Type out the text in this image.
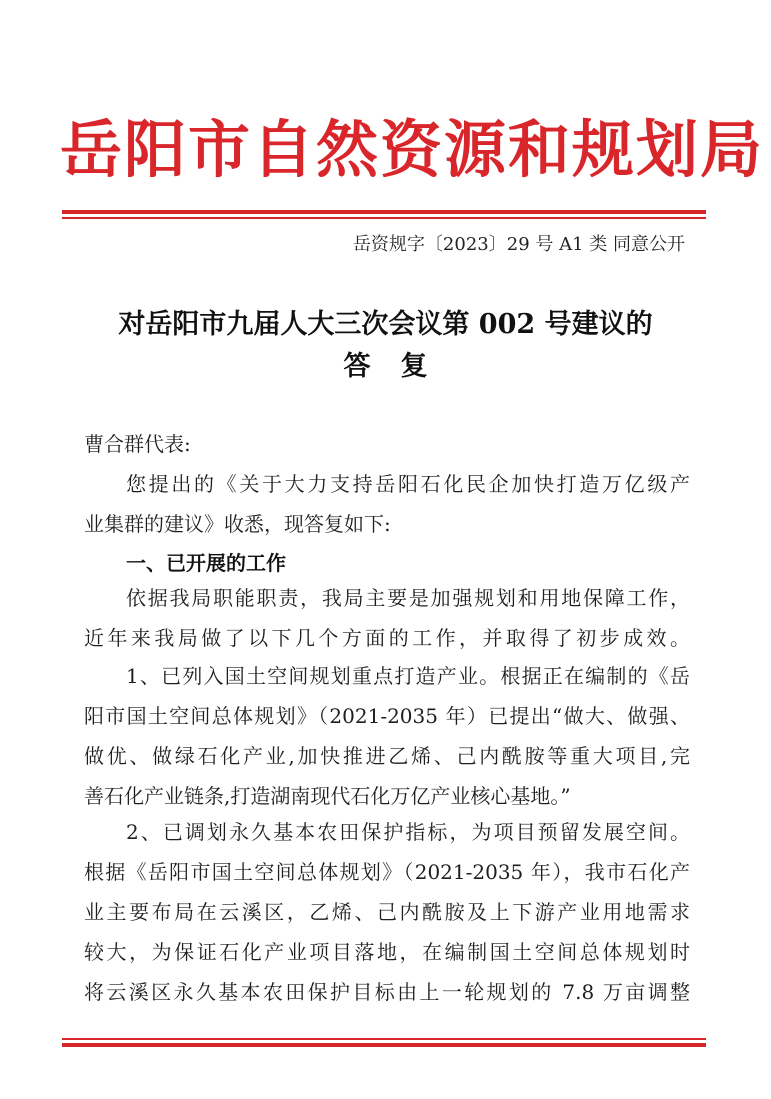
岳阳市自然资源和规划局
岳资规字〔2023〕29 号 A1 类 同意公开
对岳阳市九届人大三次会议第 002 号建议的
答复
曹合群代表:
您提出的《关于大力支持岳阳石化民企加快打造万亿级产
业集群的建议》收悉，现答复如下:
一、已开展的工作
依据我局职能职责，我局主要是加强规划和用地保障工作，
近年来我局做了以下几个方面的工作，并取得了初步成效。
1、已列入国土空间规划重点打造产业。根据正在编制的《岳
阳市国土空间总体规划》（2021-2035 年）已提出“做大、做强、
做优、做绿石化产业,加快推进乙烯、己内酰胺等重大项目,完
善石化产业链条,打造湖南现代石化万亿产业核心基地。”
2、已调划永久基本农田保护指标，为项目预留发展空间。
根据《岳阳市国土空间总体规划》（2021-2035 年），我市石化产
业主要布局在云溪区，乙烯、己内酰胺及上下游产业用地需求
较大，为保证石化产业项目落地，在编制国土空间总体规划时
将云溪区永久基本农田保护目标由上一轮规划的 7.8 万亩调整
